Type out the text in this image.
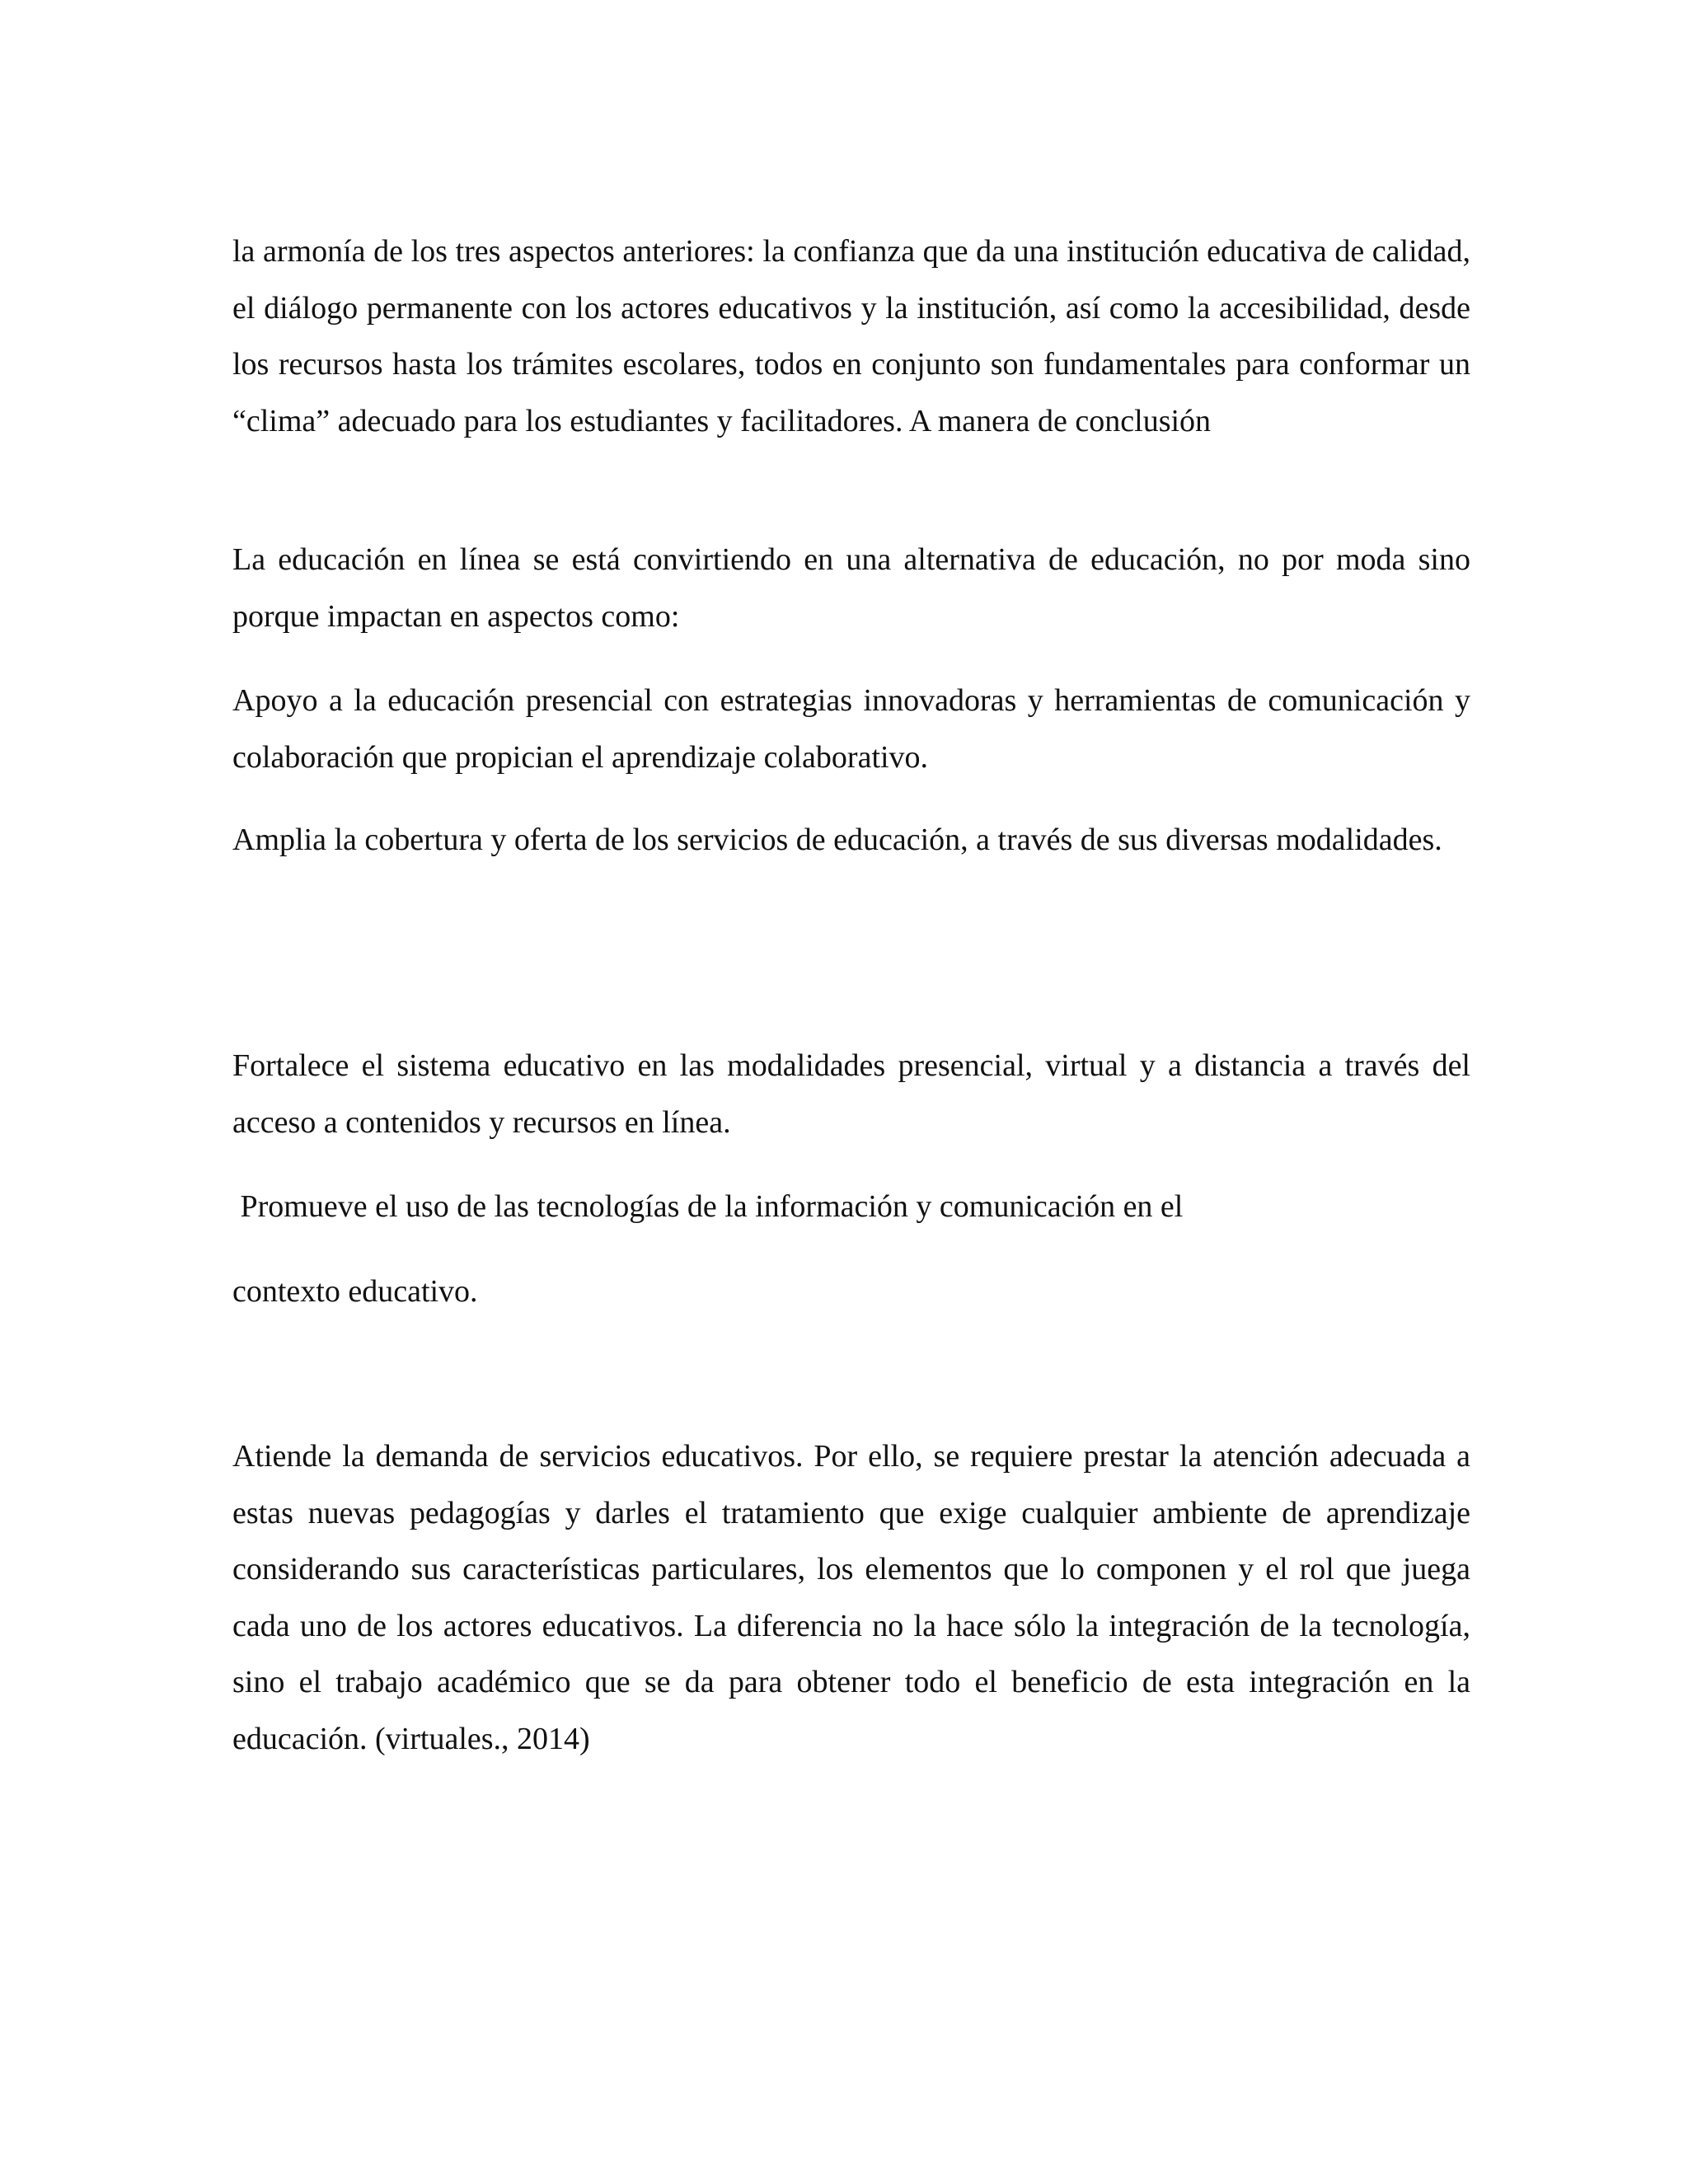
la armonía de los tres aspectos anteriores: la confianza que da una institución educativa de calidad, el diálogo permanente con los actores educativos y la institución, así como la accesibilidad, desde los recursos hasta los trámites escolares, todos en conjunto son fundamentales para conformar un “clima” adecuado para los estudiantes y facilitadores. A manera de conclusión

La educación en línea se está convirtiendo en una alternativa de educación, no por moda sino porque impactan en aspectos como:

Apoyo a la educación presencial con estrategias innovadoras y herramientas de comunicación y colaboración que propician el aprendizaje colaborativo.

Amplia la cobertura y oferta de los servicios de educación, a través de sus diversas modalidades.

Fortalece el sistema educativo en las modalidades presencial, virtual y a distancia a través del acceso a contenidos y recursos en línea.

Promueve el uso de las tecnologías de la información y comunicación en el

contexto educativo.

Atiende la demanda de servicios educativos. Por ello, se requiere prestar la atención adecuada a estas nuevas pedagogías y darles el tratamiento que exige cualquier ambiente de aprendizaje considerando sus características particulares, los elementos que lo componen y el rol que juega cada uno de los actores educativos. La diferencia no la hace sólo la integración de la tecnología, sino el trabajo académico que se da para obtener todo el beneficio de esta integración en la educación. (virtuales., 2014)
